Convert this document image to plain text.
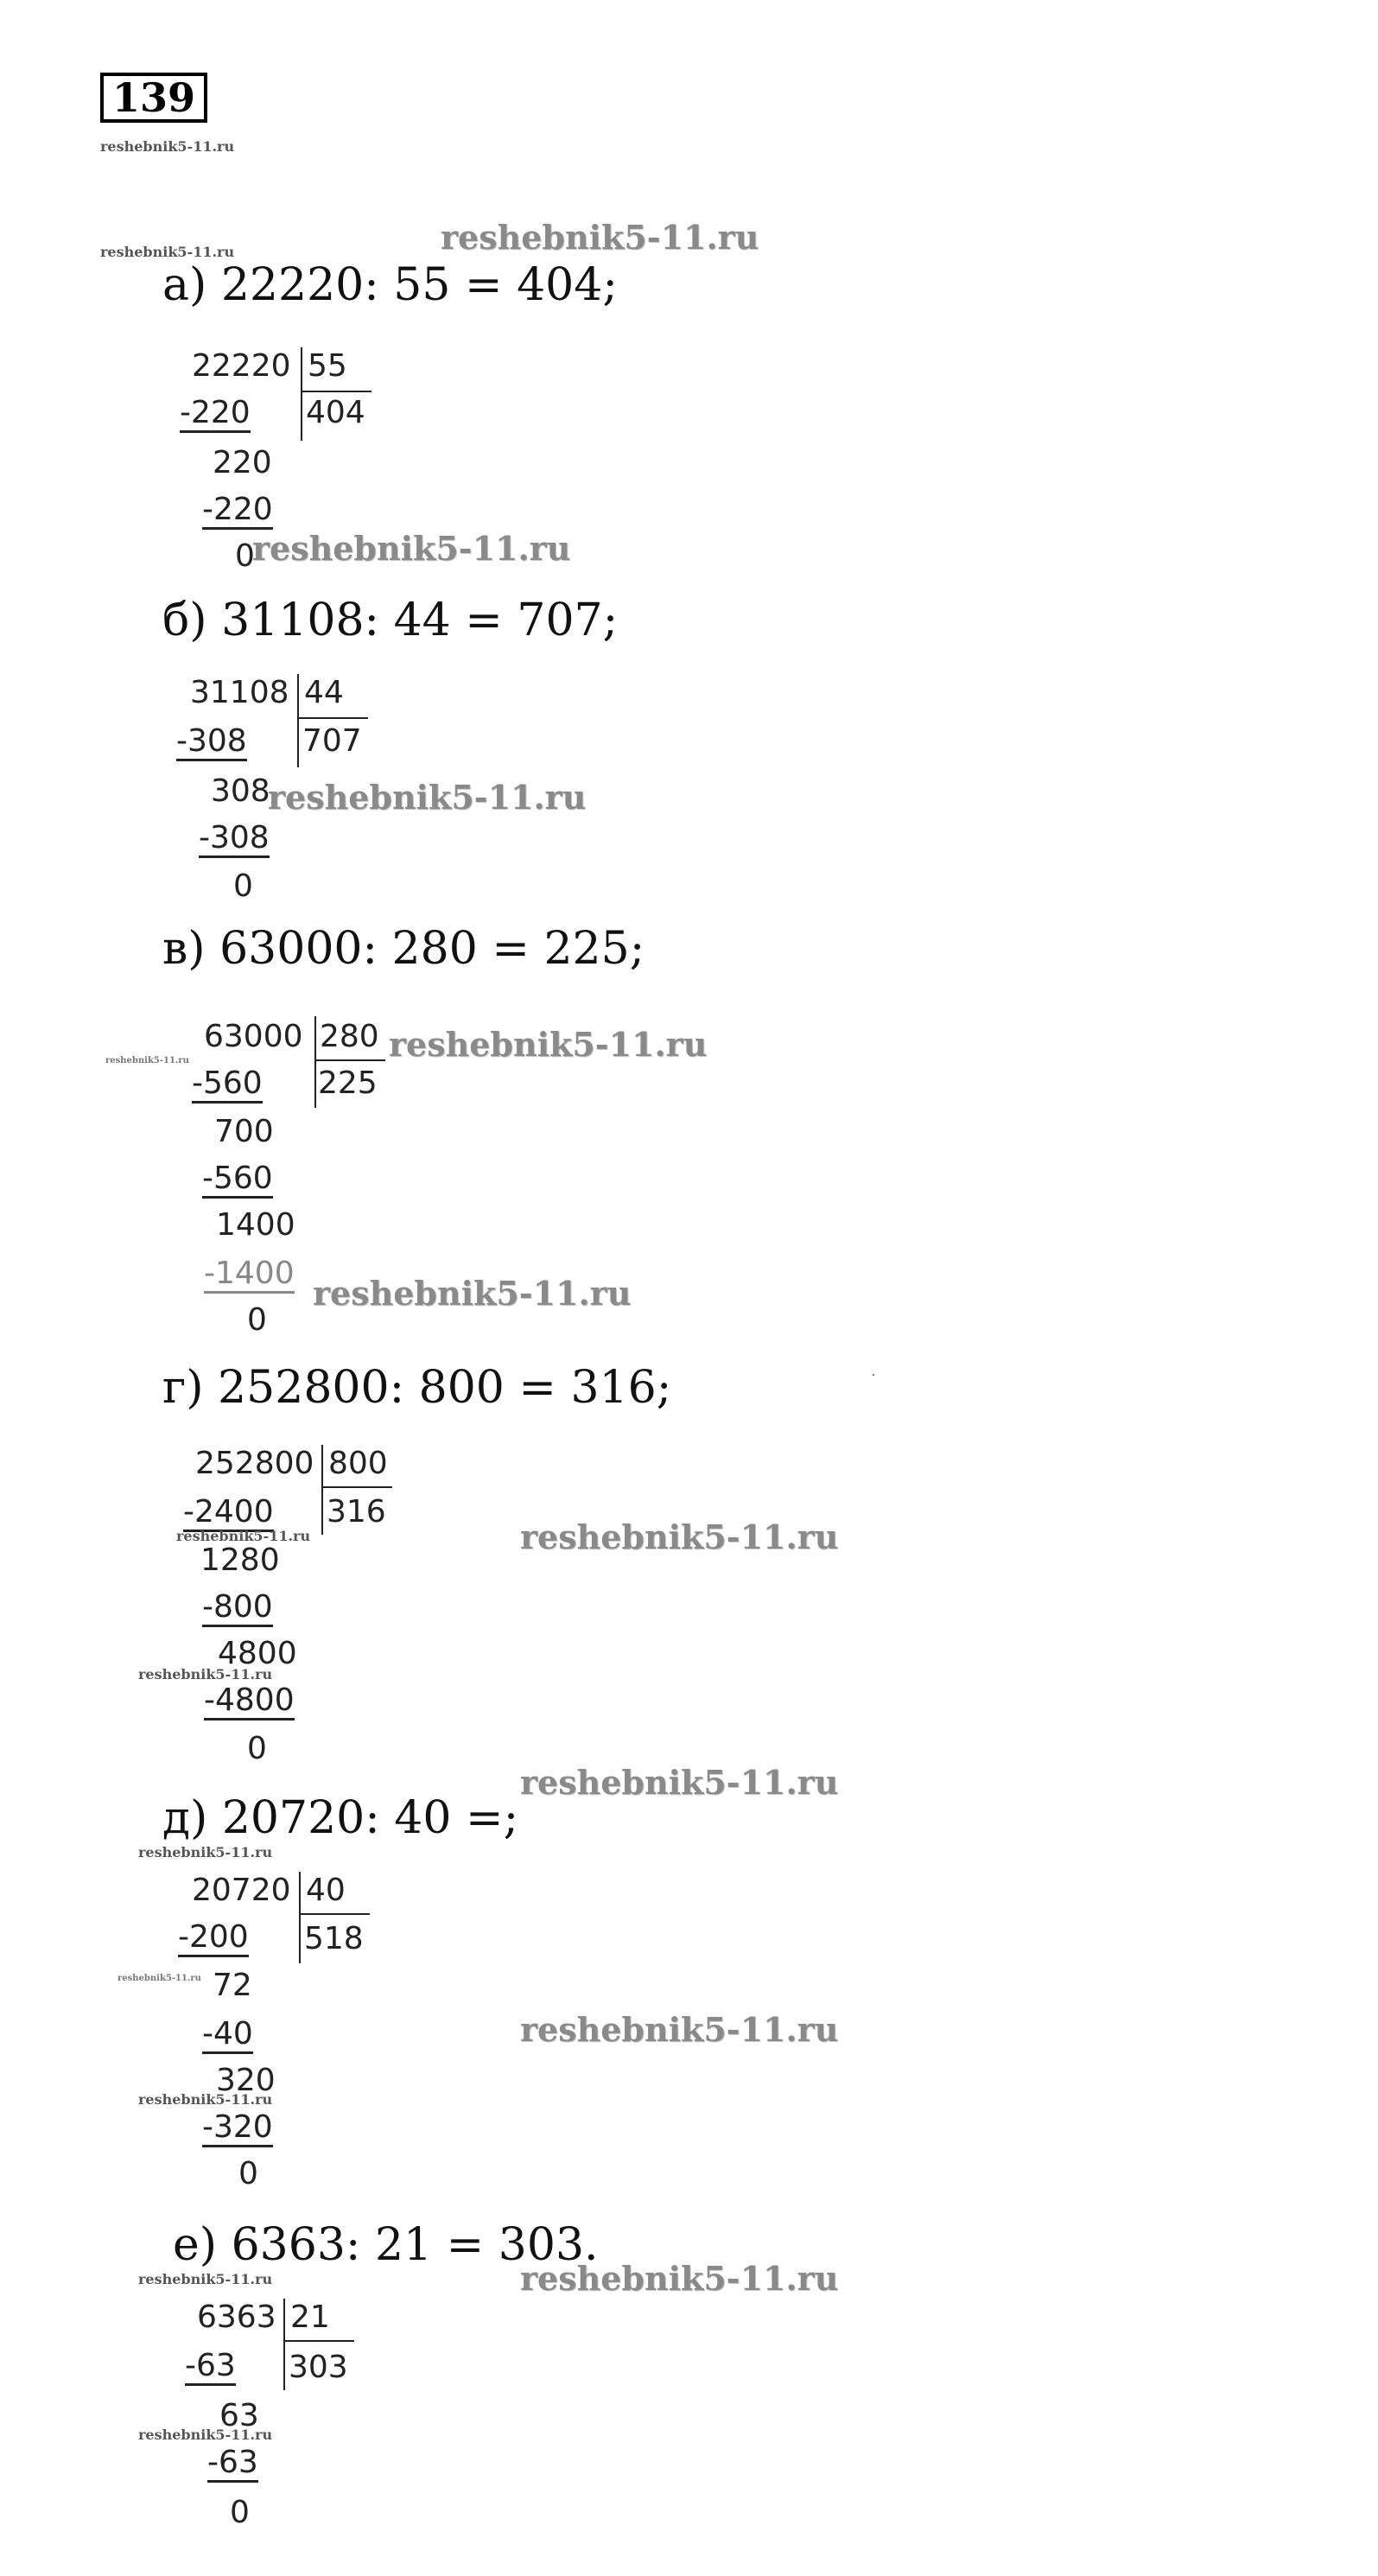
139
reshebnik5-11.ru
reshebnik5-11.ru	reshebnik5-11.ru
а) 22220: 55 = 404;
22220 55
404
-220
220
-220
0
reshebnik5-11.ru
б) 31108: 44 = 707;
31108 44
707
-308
308
-308
0
reshebnik5-11.ru
в) 63000: 280 = 225;
63000 280
225
-560
700
-560
1400
-1400
0
reshebnik5-11.ru	reshebnik5-11.ru
reshebnik5-11.ru
г) 252800: 800 = 316;
252800 800
316
-2400
1280
-800
4800
-4800
0
reshebnik5-11.ru
reshebnik5-11.ru
reshebnik5-11.ru
д) 20720: 40 =;
20720 40
518
-200
72
-40
320
-320
0
reshebnik5-11.ru
reshebnik5-11.ru
reshebnik5-11.ru
reshebnik5-11.ru
reshebnik5-11.ru
е) 6363: 21 = 303.
6363 21
303
-63
63
-63
0
reshebnik5-11.ru	reshebnik5-11.ru
reshebnik5-11.ru
